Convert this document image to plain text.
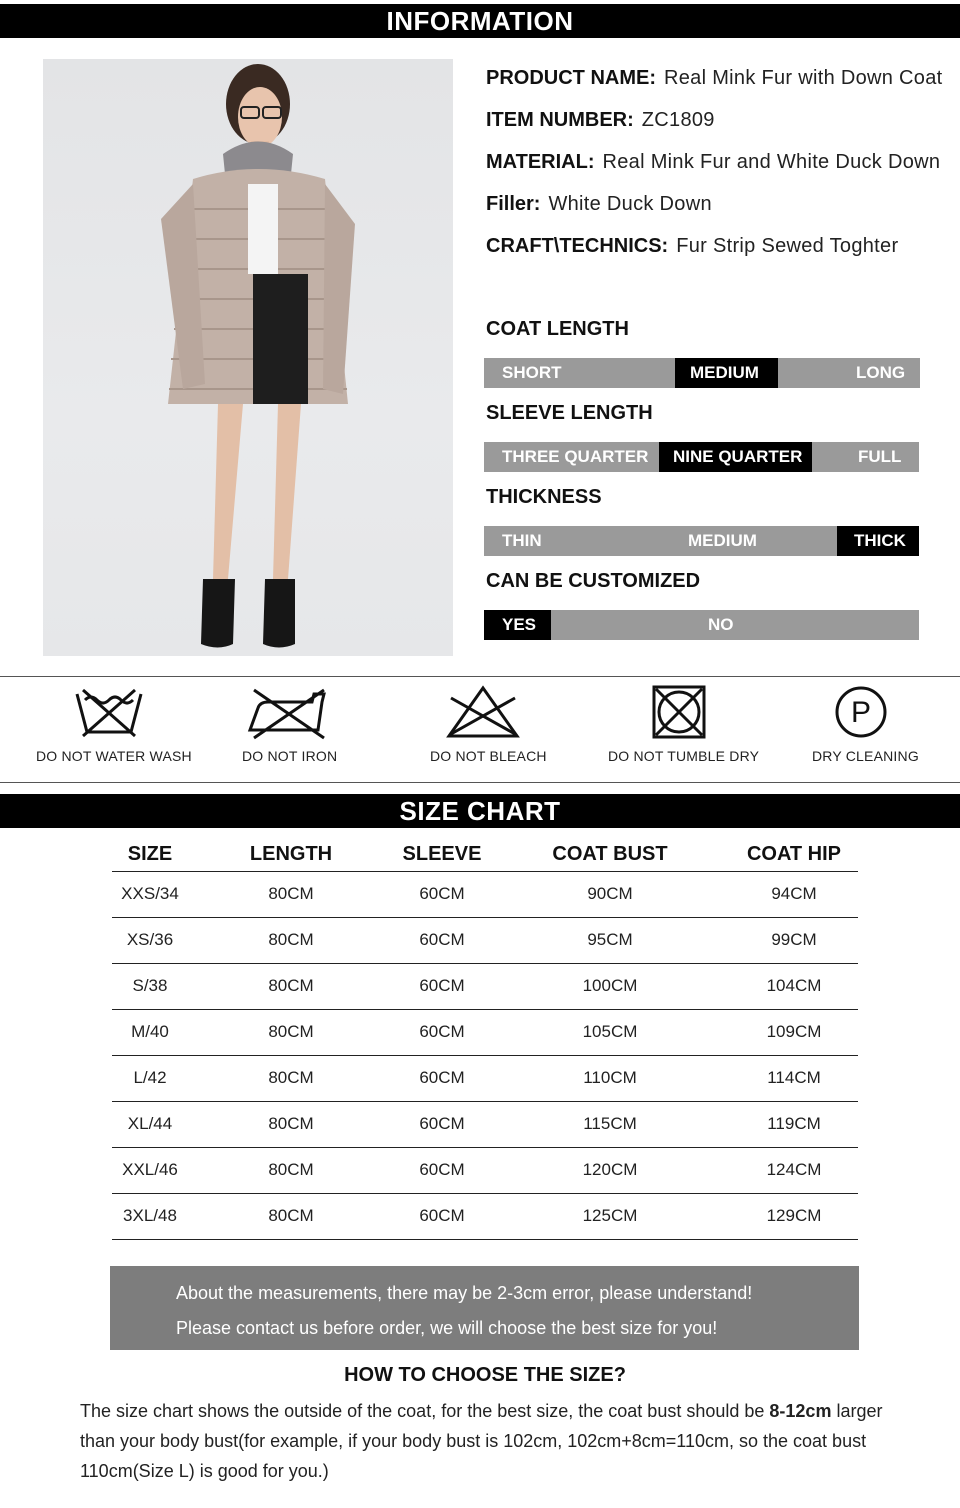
INFORMATION
PRODUCT NAME: Real Mink Fur with Down Coat
ITEM NUMBER: ZC1809
MATERIAL: Real Mink Fur and White Duck Down
Filler: White Duck Down
CRAFT\TECHNICS: Fur Strip Sewed Toghter
COAT LENGTH
SHORT	MEDIUM	LONG
SLEEVE LENGTH
THREE QUARTER	NINE QUARTER	FULL
THICKNESS
THIN	MEDIUM	THICK
CAN BE CUSTOMIZED
YES	NO
DO NOT WATER WASH	DO NOT IRON	DO NOT BLEACH	DO NOT TUMBLE DRY
P
DRY CLEANING
SIZE CHART
SIZE	LENGTH	SLEEVE	COAT BUST	COAT HIP
XXS/34	80CM	60CM	90CM	94CM
XS/36	80CM	60CM	95CM	99CM
S/38	80CM	60CM	100CM	104CM
M/40	80CM	60CM	105CM	109CM
L/42	80CM	60CM	110CM	114CM
XL/44	80CM	60CM	115CM	119CM
XXL/46	80CM	60CM	120CM	124CM
3XL/48	80CM	60CM	125CM	129CM
About the measurements, there may be 2-3cm error, please understand!
Please contact us before order, we will choose the best size for you!
HOW TO CHOOSE THE SIZE?
The size chart shows the outside of the coat, for the best size, the coat bust should be 8-12cm larger than your body bust(for example, if your body bust is 102cm, 102cm+8cm=110cm, so the coat bust 110cm(Size L) is good for you.)
